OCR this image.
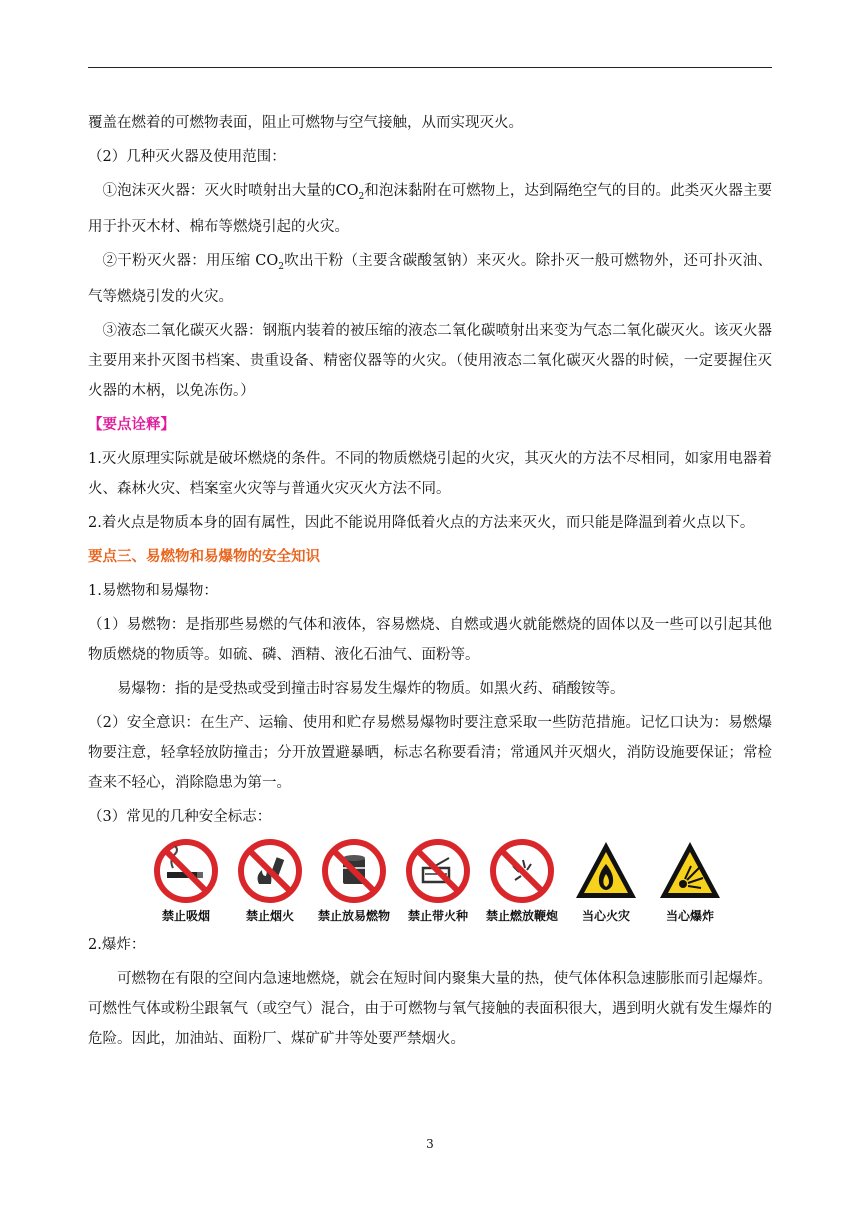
覆盖在燃着的可燃物表面，阻止可燃物与空气接触，从而实现灭火。

（2）几种灭火器及使用范围：

①泡沫灭火器：灭火时喷射出大量的$CO_2$和泡沫黏附在可燃物上，达到隔绝空气的目的。此类灭火器主要用于扑灭木材、棉布等燃烧引起的火灾。

②干粉灭火器：用压缩 $CO_2$吹出干粉（主要含碳酸氢钠）来灭火。除扑灭一般可燃物外，还可扑灭油、气等燃烧引发的火灾。

③液态二氧化碳灭火器：钢瓶内装着的被压缩的液态二氧化碳喷射出来变为气态二氧化碳灭火。该灭火器主要用来扑灭图书档案、贵重设备、精密仪器等的火灾。（使用液态二氧化碳灭火器的时候，一定要握住灭火器的木柄，以免冻伤。）

【要点诠释】

1.灭火原理实际就是破坏燃烧的条件。不同的物质燃烧引起的火灾，其灭火的方法不尽相同，如家用电器着火、森林火灾、档案室火灾等与普通火灾灭火方法不同。

2.着火点是物质本身的固有属性，因此不能说用降低着火点的方法来灭火，而只能是降温到着火点以下。

要点三、易燃物和易爆物的安全知识

1.易燃物和易爆物：

（1）易燃物：是指那些易燃的气体和液体，容易燃烧、自燃或遇火就能燃烧的固体以及一些可以引起其他物质燃烧的物质等。如硫、磷、酒精、液化石油气、面粉等。

易爆物：指的是受热或受到撞击时容易发生爆炸的物质。如黑火药、硝酸铵等。

（2）安全意识：在生产、运输、使用和贮存易燃易爆物时要注意采取一些防范措施。记忆口诀为：易燃爆物要注意，轻拿轻放防撞击；分开放置避暴晒，标志名称要看清；常通风并灭烟火，消防设施要保证；常检查来不轻心，消除隐患为第一。

（3）常见的几种安全标志：

禁止吸烟	禁止烟火 禁止放易燃物 禁止带火种 禁止燃放鞭炮 当心火灾	当心爆炸

2.爆炸：

可燃物在有限的空间内急速地燃烧，就会在短时间内聚集大量的热，使气体体积急速膨胀而引起爆炸。可燃性气体或粉尘跟氧气（或空气）混合，由于可燃物与氧气接触的表面积很大，遇到明火就有发生爆炸的危险。因此，加油站、面粉厂、煤矿矿井等处要严禁烟火。

3
